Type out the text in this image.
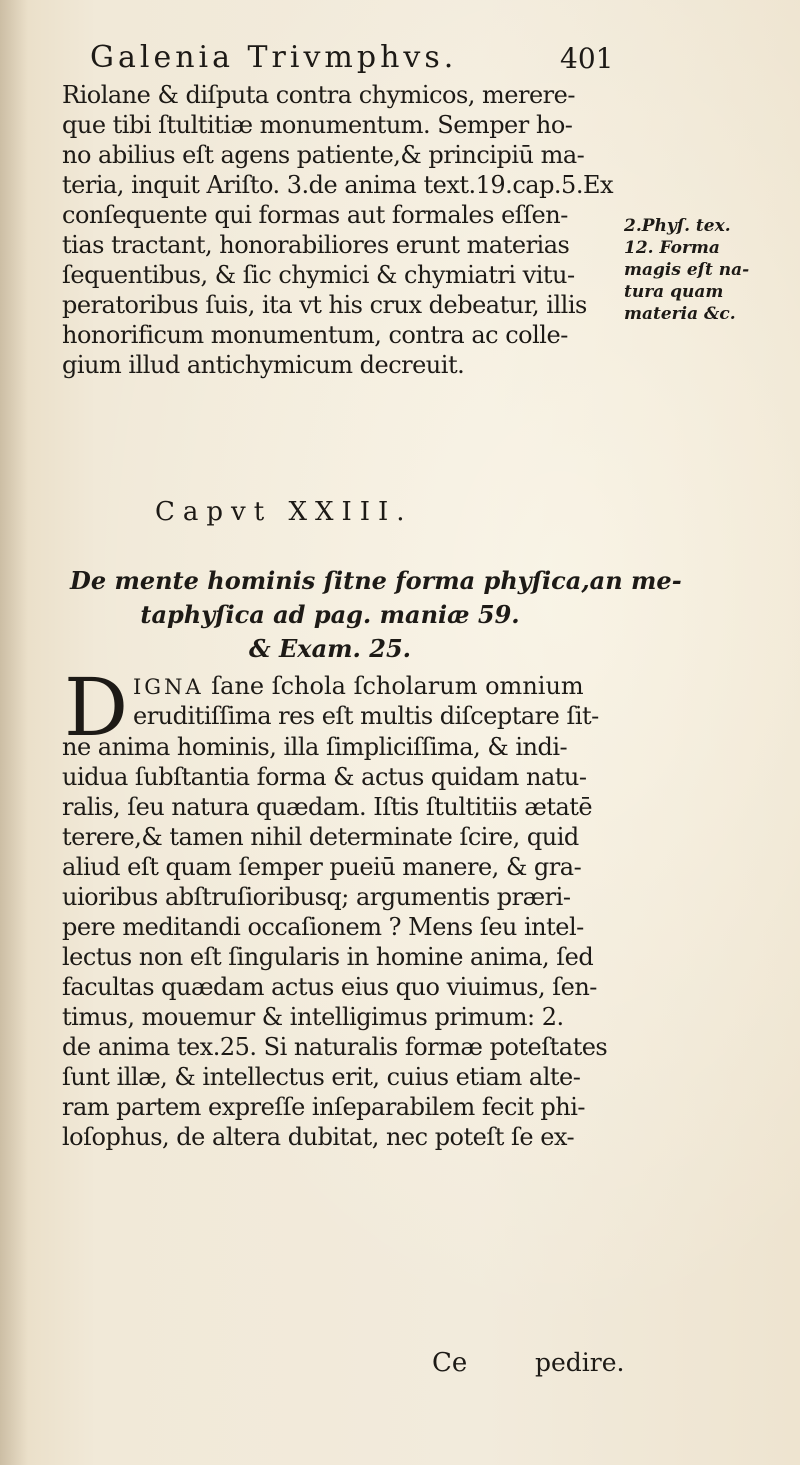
Galenia Trivmphvs.	401
Riolane & diſputa contra chymicos, merere-
que tibi ſtultitiæ monumentum. Semper ho-
no abilius eſt agens patiente,& principiū ma-
teria, inquit Ariſto. 3.de anima text.19.cap.5.Ex
conſequente qui formas aut formales eſſen-
tias tractant, honorabiliores erunt materias
ſequentibus, & ſic chymici & chymiatri vitu-
peratoribus ſuis, ita vt his crux debeatur, illis
honorificum monumentum, contra ac colle-
gium illud antichymicum decreuit.
2.Phyſ. tex.
12. Forma
magis eſt na-
tura quam
materia &c.
Capvt XXIII.
De mente hominis ſitne forma phyſica,an me-
taphyſica ad pag. maniæ 59.
& Exam. 25.
D IGNA ſane ſchola ſcholarum omnium
eruditiſſima res eſt multis diſceptare ſit-
ne anima hominis, illa ſimpliciſſima, & indi-
uidua ſubſtantia forma & actus quidam natu-
ralis, ſeu natura quædam. Iſtis ſtultitiis ætatē
terere,& tamen nihil determinate ſcire, quid
aliud eſt quam ſemper pueiū manere, & gra-
uioribus abſtruſioribusq; argumentis præri-
pere meditandi occaſionem ? Mens ſeu intel-
lectus non eſt ſingularis in homine anima, ſed
facultas quædam actus eius quo viuimus, ſen-
timus, mouemur & intelligimus primum: 2.
de anima tex.25. Si naturalis formæ poteſtates
ſunt illæ, & intellectus erit, cuius etiam alte-
ram partem expreſſe inſeparabilem fecit phi-
loſophus, de altera dubitat, nec poteſt ſe ex-
Ce	pedire.
